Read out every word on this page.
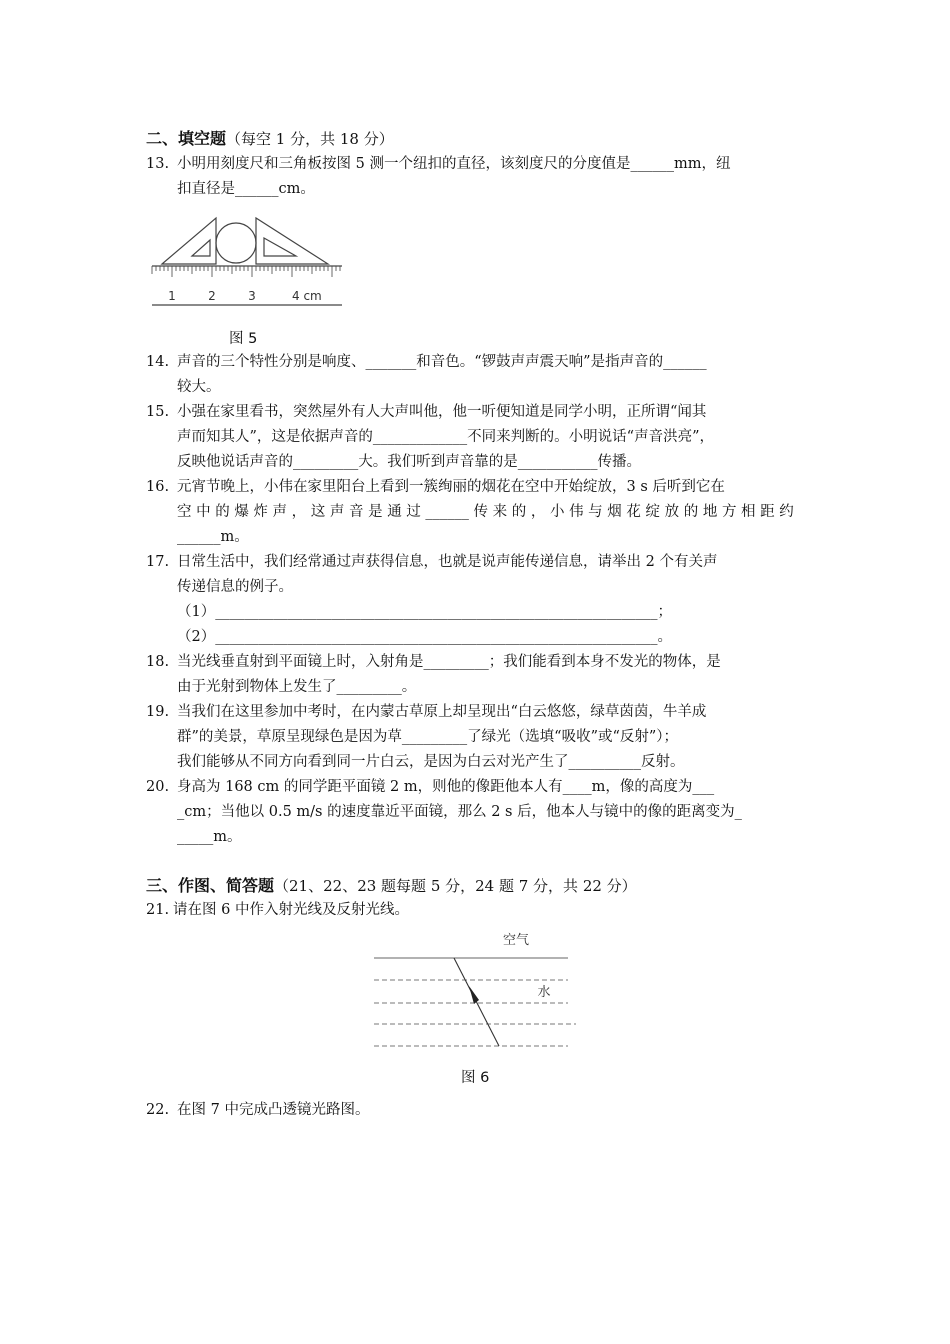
二、填空题（每空 1 分，共 18 分）
13. 小明用刻度尺和三角板按图 5 测一个纽扣的直径，该刻度尺的分度值是______mm，纽
扣直径是______cm。
1	2	3	4 cm
图 5
14. 声音的三个特性分别是响度、_______和音色。“锣鼓声声震天响”是指声音的______
较大。
15. 小强在家里看书，突然屋外有人大声叫他，他一听便知道是同学小明，正所谓“闻其
声而知其人”，这是依据声音的_____________不同来判断的。小明说话“声音洪亮”，
反映他说话声音的_________大。我们听到声音靠的是___________传播。
16. 元宵节晚上，小伟在家里阳台上看到一簇绚丽的烟花在空中开始绽放，3 s 后听到它在
空 中 的 爆 炸 声 ， 这 声 音 是 通 过 ______ 传 来 的 ， 小 伟 与 烟 花 绽 放 的 地 方 相 距 约
______m。
17. 日常生活中，我们经常通过声获得信息，也就是说声能传递信息，请举出 2 个有关声
传递信息的例子。
（1）_____________________________________________________________；
（2）_____________________________________________________________。
18. 当光线垂直射到平面镜上时，入射角是_________；我们能看到本身不发光的物体，是
由于光射到物体上发生了_________。
19. 当我们在这里参加中考时，在内蒙古草原上却呈现出“白云悠悠，绿草茵茵，牛羊成
群”的美景，草原呈现绿色是因为草_________了绿光（选填“吸收”或“反射”）；
我们能够从不同方向看到同一片白云，是因为白云对光产生了__________反射。
20. 身高为 168 cm 的同学距平面镜 2 m，则他的像距他本人有____m，像的高度为___
_cm；当他以 0.5 m/s 的速度靠近平面镜，那么 2 s 后，他本人与镜中的像的距离变为_
_____m。
三、作图、简答题（21、22、23 题每题 5 分，24 题 7 分，共 22 分）
21. 请在图 6 中作入射光线及反射光线。
空气
水
图 6
22. 在图 7 中完成凸透镜光路图。
